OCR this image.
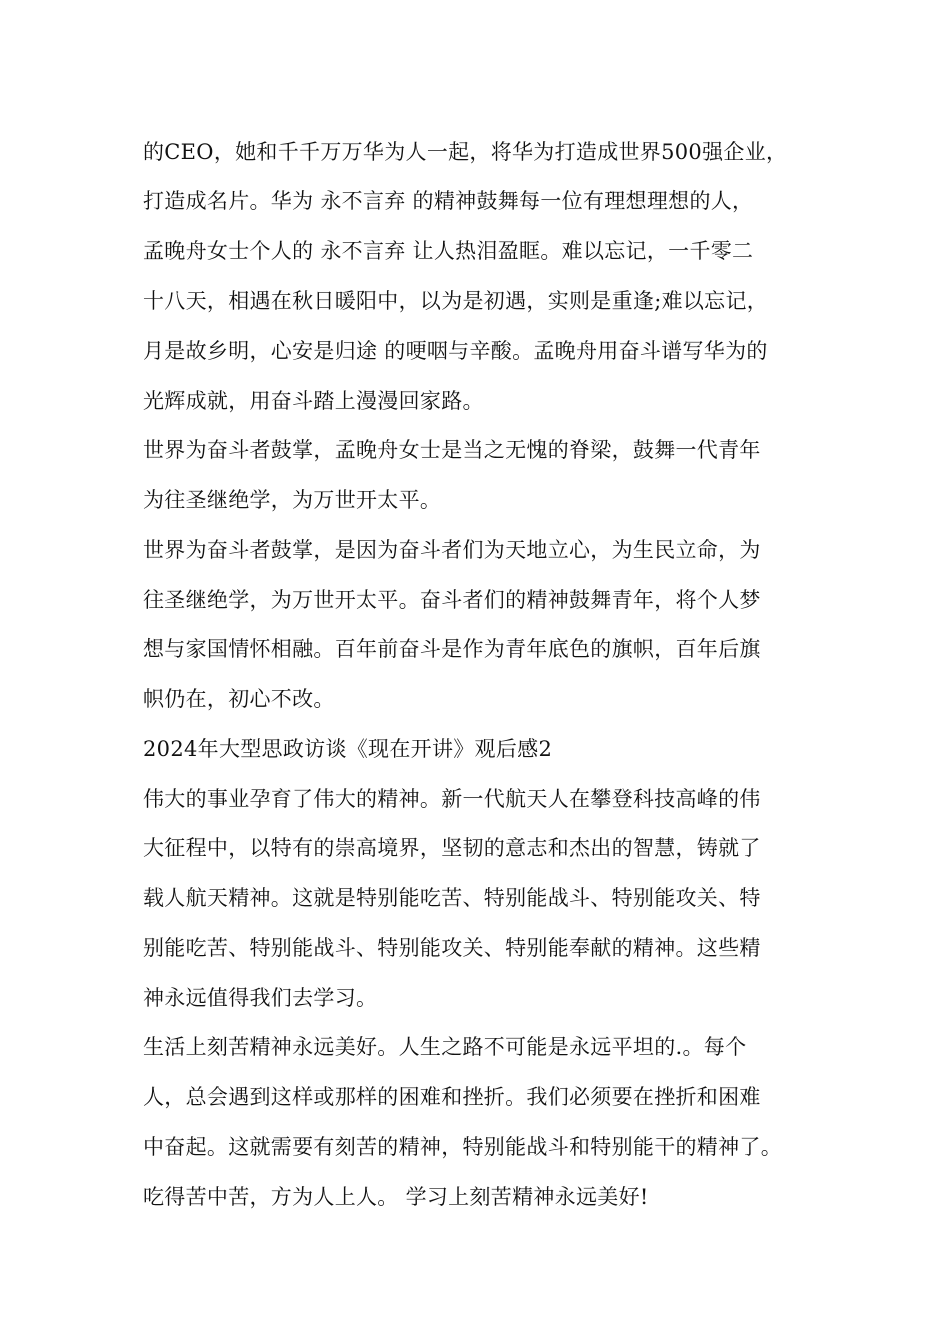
的CEO，她和千千万万华为人一起，将华为打造成世界500强企业，
打造成名片。华为 永不言弃 的精神鼓舞每一位有理想理想的人，
孟晚舟女士个人的 永不言弃 让人热泪盈眶。难以忘记，一千零二
十八天，相遇在秋日暖阳中，以为是初遇，实则是重逢;难以忘记，
月是故乡明，心安是归途 的哽咽与辛酸。孟晚舟用奋斗谱写华为的
光辉成就，用奋斗踏上漫漫回家路。
世界为奋斗者鼓掌，孟晚舟女士是当之无愧的脊梁，鼓舞一代青年
为往圣继绝学，为万世开太平。
世界为奋斗者鼓掌，是因为奋斗者们为天地立心，为生民立命，为
往圣继绝学，为万世开太平。奋斗者们的精神鼓舞青年，将个人梦
想与家国情怀相融。百年前奋斗是作为青年底色的旗帜，百年后旗
帜仍在，初心不改。
2024年大型思政访谈《现在开讲》观后感2
伟大的事业孕育了伟大的精神。新一代航天人在攀登科技高峰的伟
大征程中，以特有的崇高境界，坚韧的意志和杰出的智慧，铸就了
载人航天精神。这就是特别能吃苦、特别能战斗、特别能攻关、特
别能吃苦、特别能战斗、特别能攻关、特别能奉献的精神。这些精
神永远值得我们去学习。
生活上刻苦精神永远美好。人生之路不可能是永远平坦的.。每个
人，总会遇到这样或那样的困难和挫折。我们必须要在挫折和困难
中奋起。这就需要有刻苦的精神，特别能战斗和特别能干的精神了。
吃得苦中苦，方为人上人。 学习上刻苦精神永远美好!
